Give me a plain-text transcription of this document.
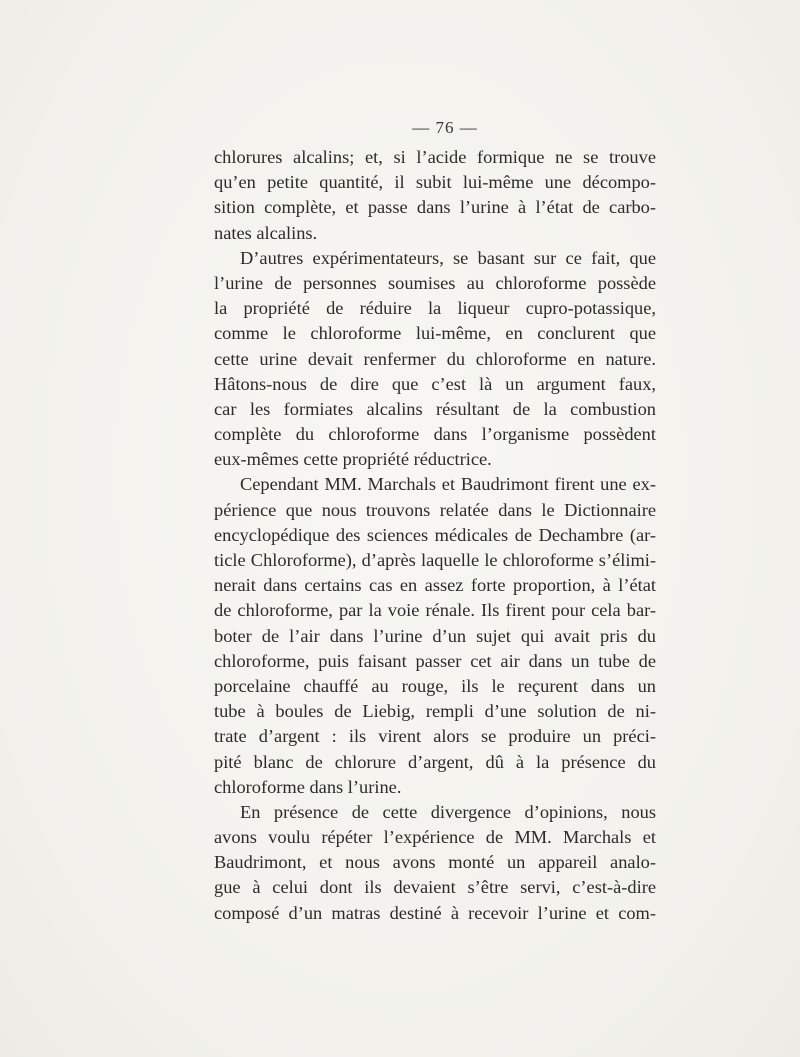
— 76 —
chlorures alcalins; et, si l’acide formique ne se trouve
qu’en petite quantité, il subit lui-même une décompo-
sition complète, et passe dans l’urine à l’état de carbo-
nates alcalins.
D’autres expérimentateurs, se basant sur ce fait, que
l’urine de personnes soumises au chloroforme possède
la propriété de réduire la liqueur cupro-potassique,
comme le chloroforme lui-même, en conclurent que
cette urine devait renfermer du chloroforme en nature.
Hâtons-nous de dire que c’est là un argument faux,
car les formiates alcalins résultant de la combustion
complète du chloroforme dans l’organisme possèdent
eux-mêmes cette propriété réductrice.
Cependant MM. Marchals et Baudrimont firent une ex-
périence que nous trouvons relatée dans le Dictionnaire
encyclopédique des sciences médicales de Dechambre (ar-
ticle Chloroforme), d’après laquelle le chloroforme s’élimi-
nerait dans certains cas en assez forte proportion, à l’état
de chloroforme, par la voie rénale. Ils firent pour cela bar-
boter de l’air dans l’urine d’un sujet qui avait pris du
chloroforme, puis faisant passer cet air dans un tube de
porcelaine chauffé au rouge, ils le reçurent dans un
tube à boules de Liebig, rempli d’une solution de ni-
trate d’argent : ils virent alors se produire un préci-
pité blanc de chlorure d’argent, dû à la présence du
chloroforme dans l’urine.
En présence de cette divergence d’opinions, nous
avons voulu répéter l’expérience de MM. Marchals et
Baudrimont, et nous avons monté un appareil analo-
gue à celui dont ils devaient s’être servi, c’est-à-dire
composé d’un matras destiné à recevoir l’urine et com-
